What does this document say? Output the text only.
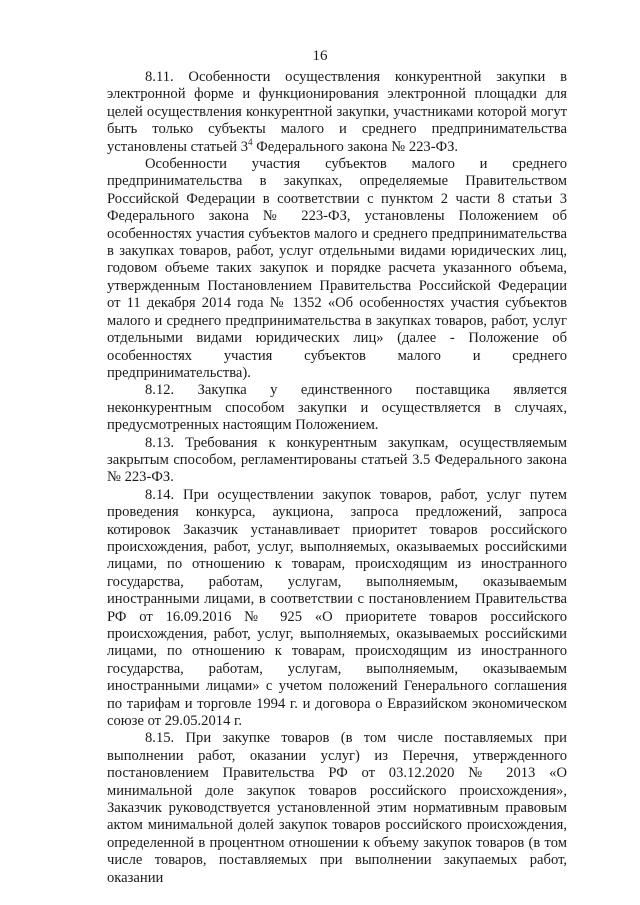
16

8.11. Особенности осуществления конкурентной закупки в электронной форме и функционирования электронной площадки для целей осуществления конкурентной закупки, участниками которой могут быть только субъекты малого и среднего предпринимательства установлены статьей $3^4$ Федерального закона № 223-ФЗ.

Особенности участия субъектов малого и среднего предпринимательства в закупках, определяемые Правительством Российской Федерации в соответствии с пунктом 2 части 8 статьи 3 Федерального закона № 223-ФЗ, установлены Положением об особенностях участия субъектов малого и среднего предпринимательства в закупках товаров, работ, услуг отдельными видами юридических лиц, годовом объеме таких закупок и порядке расчета указанного объема, утвержденным Постановлением Правительства Российской Федерации от 11 декабря 2014 года № 1352 «Об особенностях участия субъектов малого и среднего предпринимательства в закупках товаров, работ, услуг отдельными видами юридических лиц» (далее - Положение об особенностях участия субъектов малого и среднего предпринимательства).

8.12. Закупка у единственного поставщика является неконкурентным способом закупки и осуществляется в случаях, предусмотренных настоящим Положением.

8.13. Требования к конкурентным закупкам, осуществляемым закрытым способом, регламентированы статьей 3.5 Федерального закона № 223-ФЗ.

8.14. При осуществлении закупок товаров, работ, услуг путем проведения конкурса, аукциона, запроса предложений, запроса котировок Заказчик устанавливает приоритет товаров российского происхождения, работ, услуг, выполняемых, оказываемых российскими лицами, по отношению к товарам, происходящим из иностранного государства, работам, услугам, выполняемым, оказываемым иностранными лицами, в соответствии с постановлением Правительства РФ от 16.09.2016 № 925 «О приоритете товаров российского происхождения, работ, услуг, выполняемых, оказываемых российскими лицами, по отношению к товарам, происходящим из иностранного государства, работам, услугам, выполняемым, оказываемым иностранными лицами» с учетом положений Генерального соглашения по тарифам и торговле 1994 г. и договора о Евразийском экономическом союзе от 29.05.2014 г.

8.15. При закупке товаров (в том числе поставляемых при выполнении работ, оказании услуг) из Перечня, утвержденного постановлением Правительства РФ от 03.12.2020 № 2013 «О минимальной доле закупок товаров российского происхождения», Заказчик руководствуется установленной этим нормативным правовым актом минимальной долей закупок товаров российского происхождения, определенной в процентном отношении к объему закупок товаров (в том числе товаров, поставляемых при выполнении закупаемых работ, оказании
